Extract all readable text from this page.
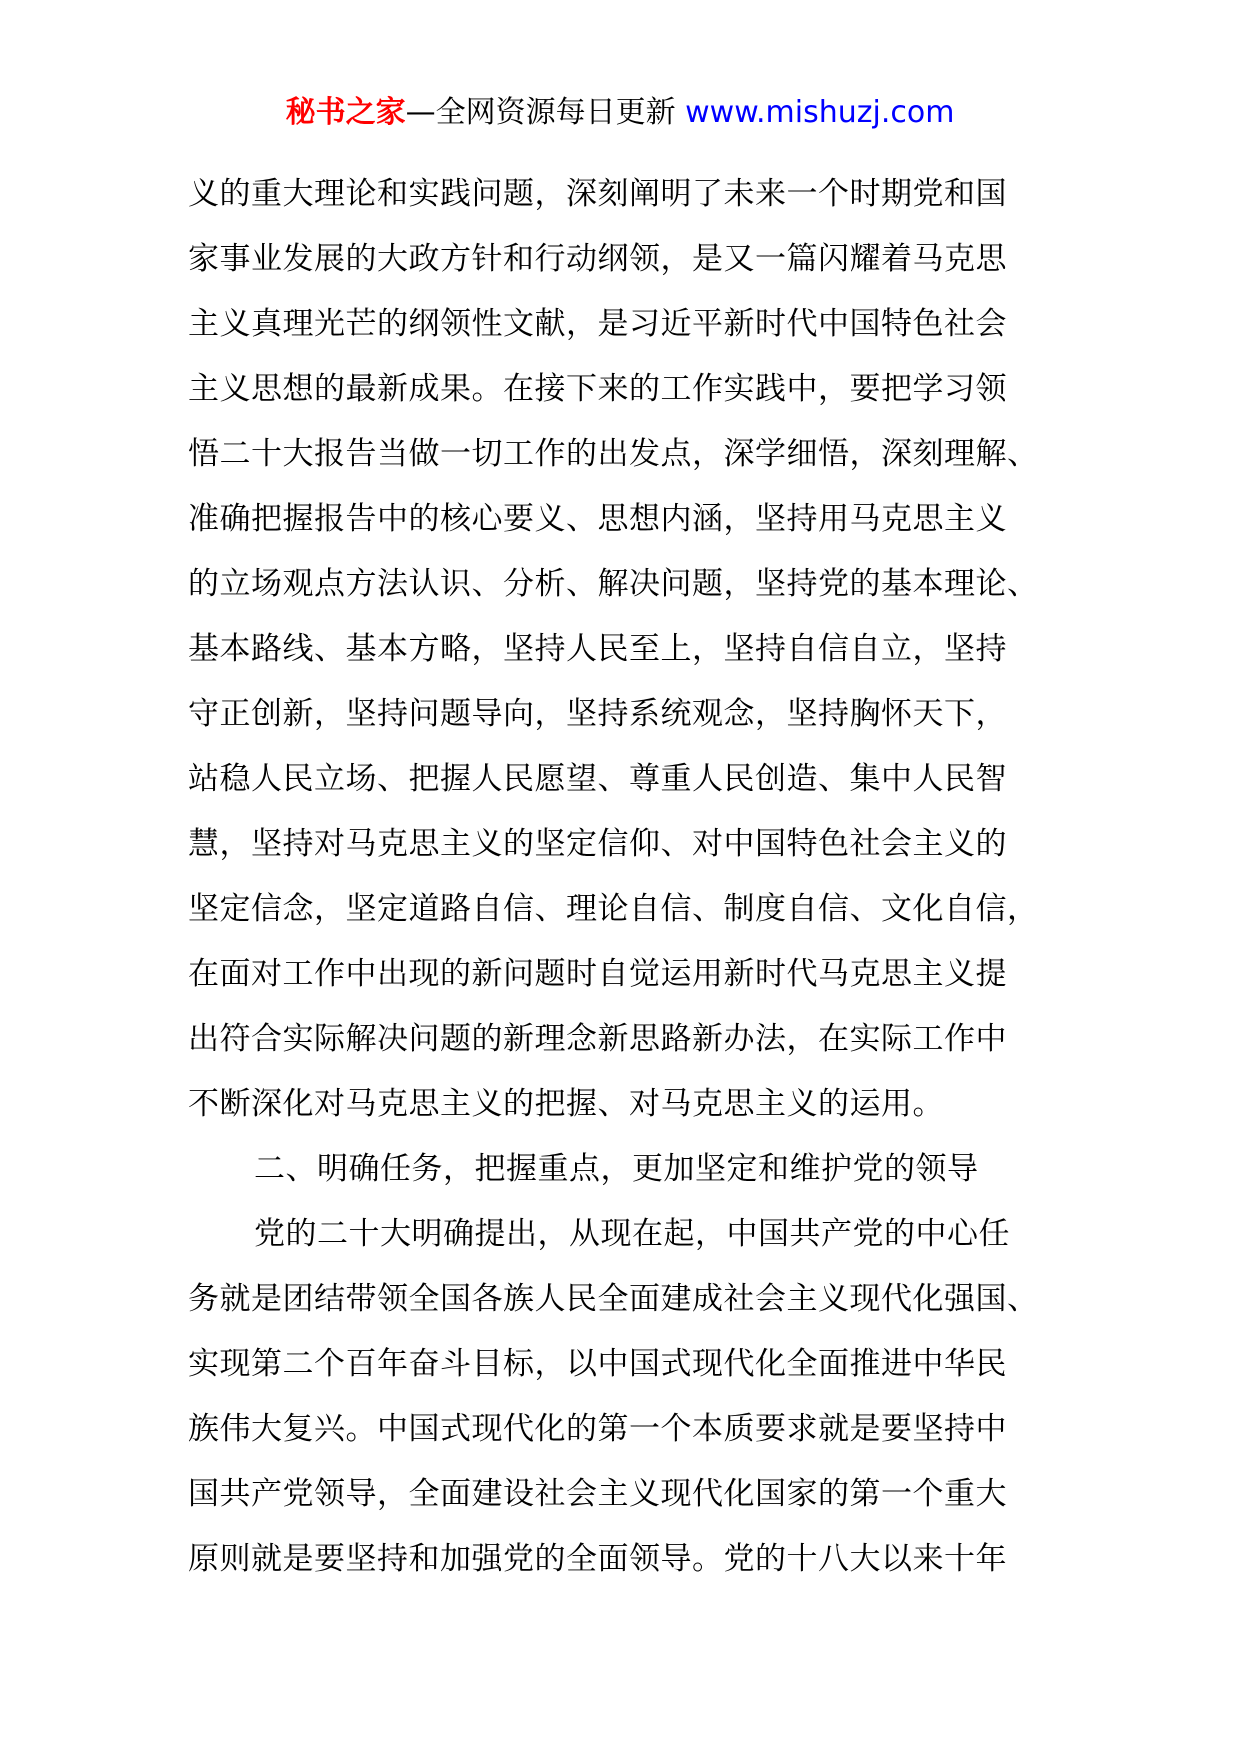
秘书之家—全网资源每日更新 www.mishuzj.com
义的重大理论和实践问题，深刻阐明了未来一个时期党和国
家事业发展的大政方针和行动纲领，是又一篇闪耀着马克思
主义真理光芒的纲领性文献，是习近平新时代中国特色社会
主义思想的最新成果。在接下来的工作实践中，要把学习领
悟二十大报告当做一切工作的出发点，深学细悟，深刻理解、
准确把握报告中的核心要义、思想内涵，坚持用马克思主义
的立场观点方法认识、分析、解决问题，坚持党的基本理论、
基本路线、基本方略，坚持人民至上，坚持自信自立，坚持
守正创新，坚持问题导向，坚持系统观念，坚持胸怀天下，
站稳人民立场、把握人民愿望、尊重人民创造、集中人民智
慧，坚持对马克思主义的坚定信仰、对中国特色社会主义的
坚定信念，坚定道路自信、理论自信、制度自信、文化自信，
在面对工作中出现的新问题时自觉运用新时代马克思主义提
出符合实际解决问题的新理念新思路新办法，在实际工作中
不断深化对马克思主义的把握、对马克思主义的运用。
二、明确任务，把握重点，更加坚定和维护党的领导
党的二十大明确提出，从现在起，中国共产党的中心任
务就是团结带领全国各族人民全面建成社会主义现代化强国、
实现第二个百年奋斗目标，以中国式现代化全面推进中华民
族伟大复兴。中国式现代化的第一个本质要求就是要坚持中
国共产党领导，全面建设社会主义现代化国家的第一个重大
原则就是要坚持和加强党的全面领导。党的十八大以来十年
